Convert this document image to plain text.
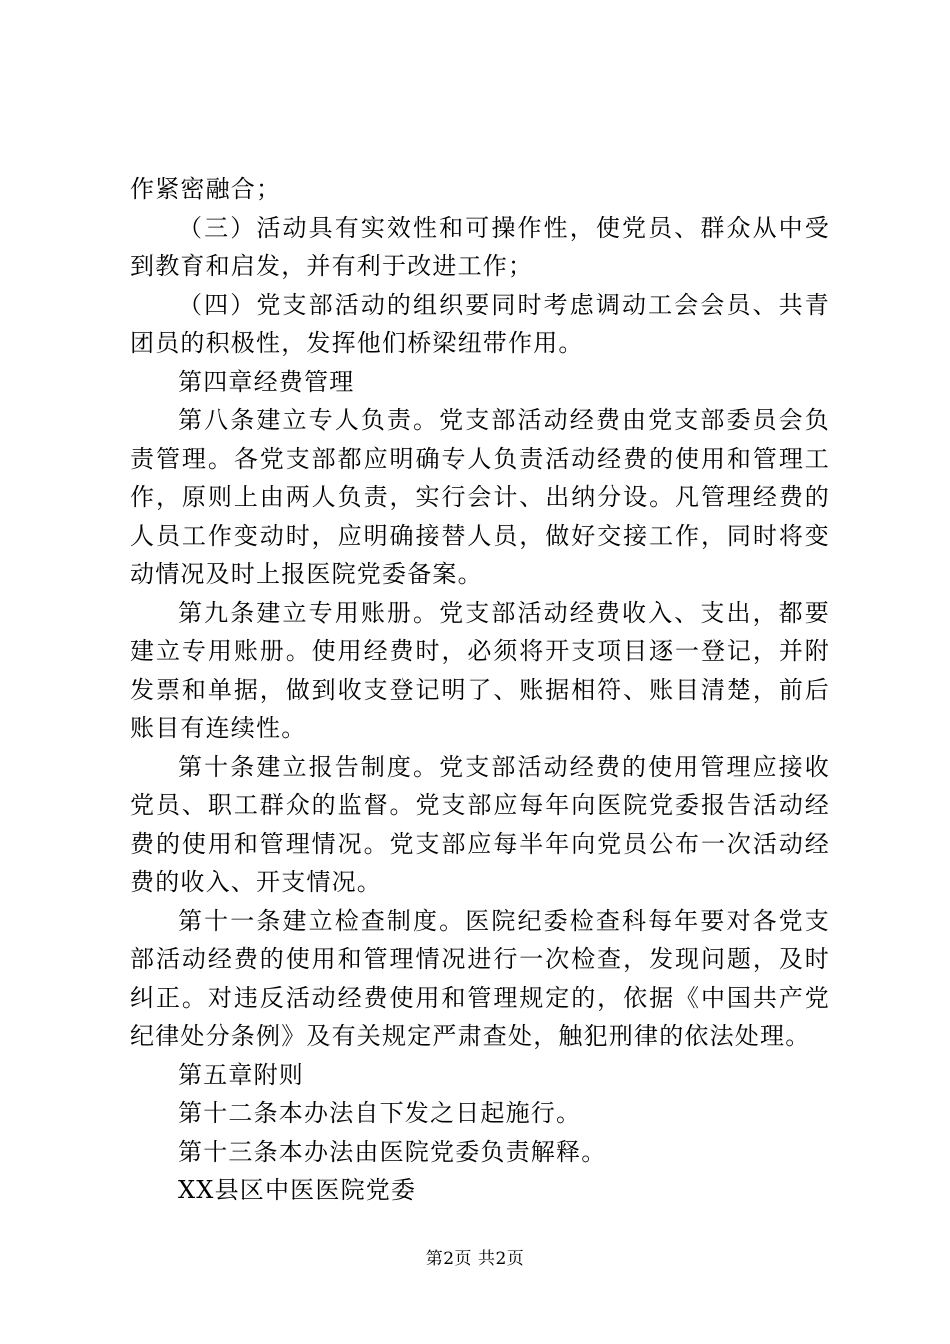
作紧密融合；

（三）活动具有实效性和可操作性，使党员、群众从中受到教育和启发，并有利于改进工作；

（四）党支部活动的组织要同时考虑调动工会会员、共青团员的积极性，发挥他们桥梁纽带作用。

第四章经费管理

第八条建立专人负责。党支部活动经费由党支部委员会负责管理。各党支部都应明确专人负责活动经费的使用和管理工作，原则上由两人负责，实行会计、出纳分设。凡管理经费的人员工作变动时，应明确接替人员，做好交接工作，同时将变动情况及时上报医院党委备案。

第九条建立专用账册。党支部活动经费收入、支出，都要建立专用账册。使用经费时，必须将开支项目逐一登记，并附发票和单据，做到收支登记明了、账据相符、账目清楚，前后账目有连续性。

第十条建立报告制度。党支部活动经费的使用管理应接收党员、职工群众的监督。党支部应每年向医院党委报告活动经费的使用和管理情况。党支部应每半年向党员公布一次活动经费的收入、开支情况。

第十一条建立检查制度。医院纪委检查科每年要对各党支部活动经费的使用和管理情况进行一次检查，发现问题，及时纠正。对违反活动经费使用和管理规定的，依据《中国共产党纪律处分条例》及有关规定严肃查处，触犯刑律的依法处理。

第五章附则

第十二条本办法自下发之日起施行。

第十三条本办法由医院党委负责解释。

XX县区中医医院党委

第2页 共2页
